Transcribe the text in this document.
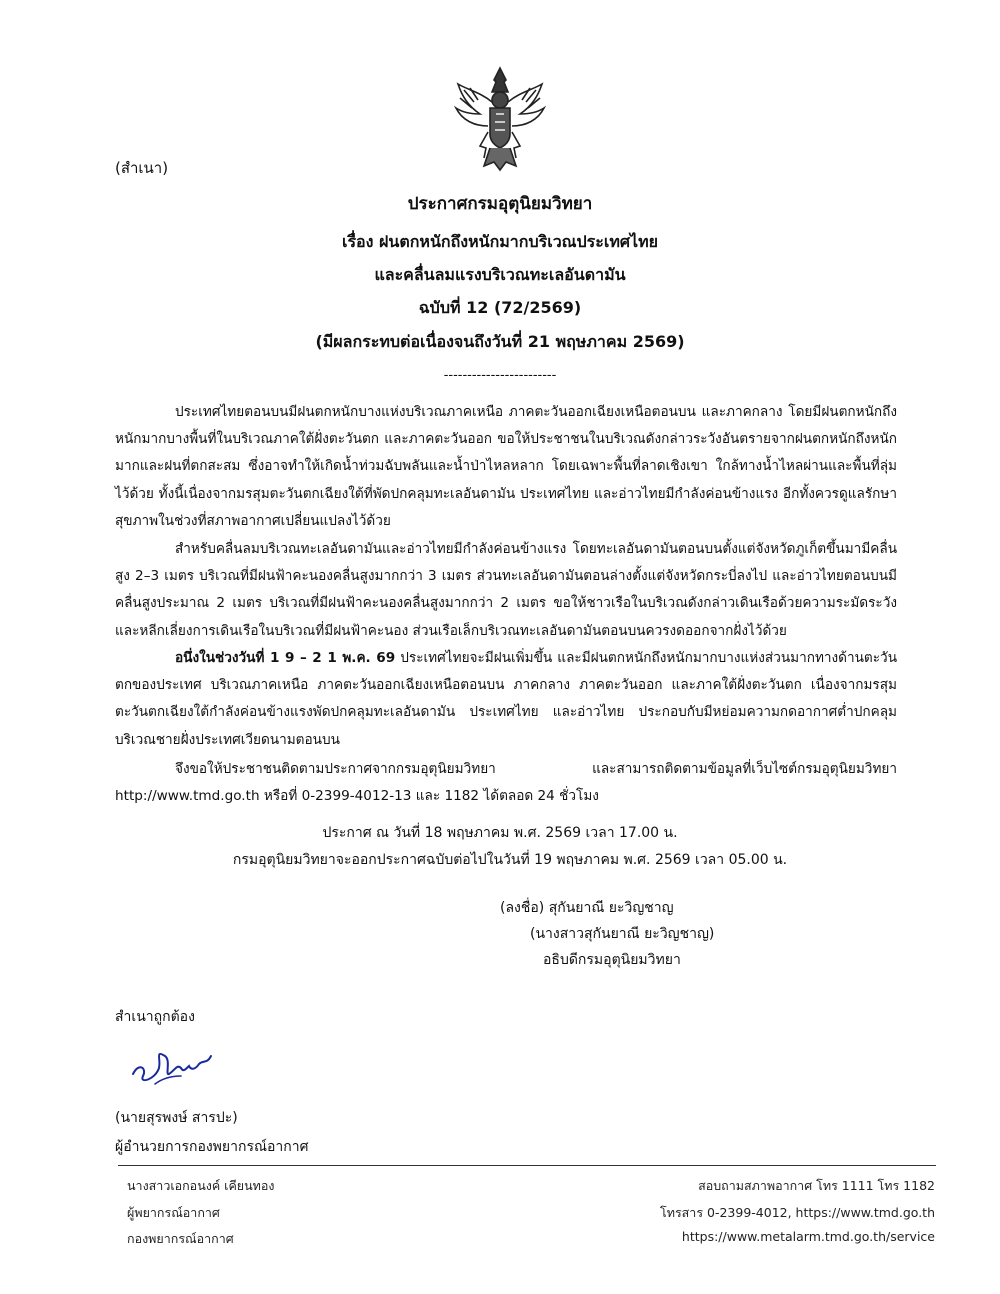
(สำเนา)
ประกาศกรมอุตุนิยมวิทยา
เรื่อง ฝนตกหนักถึงหนักมากบริเวณประเทศไทย
และคลื่นลมแรงบริเวณทะเลอันดามัน
ฉบับที่ 12 (72/2569)
(มีผลกระทบต่อเนื่องจนถึงวันที่ 21 พฤษภาคม 2569)
------------------------

ประเทศไทยตอนบนมีฝนตกหนักบางแห่งบริเวณภาคเหนือ ภาคตะวันออกเฉียงเหนือตอนบน และภาคกลาง โดยมีฝนตกหนักถึงหนักมากบางพื้นที่ในบริเวณภาคใต้ฝั่งตะวันตก และภาคตะวันออก ขอให้ประชาชนในบริเวณดังกล่าวระวังอันตรายจากฝนตกหนักถึงหนักมากและฝนที่ตกสะสม ซึ่งอาจทำให้เกิดน้ำท่วมฉับพลันและน้ำป่าไหลหลาก โดยเฉพาะพื้นที่ลาดเชิงเขา ใกล้ทางน้ำไหลผ่านและพื้นที่ลุ่มไว้ด้วย ทั้งนี้เนื่องจากมรสุมตะวันตกเฉียงใต้ที่พัดปกคลุมทะเลอันดามัน ประเทศไทย และอ่าวไทยมีกำลังค่อนข้างแรง อีกทั้งควรดูแลรักษาสุขภาพในช่วงที่สภาพอากาศเปลี่ยนแปลงไว้ด้วย

สำหรับคลื่นลมบริเวณทะเลอันดามันและอ่าวไทยมีกำลังค่อนข้างแรง โดยทะเลอันดามันตอนบนตั้งแต่จังหวัดภูเก็ตขึ้นมามีคลื่นสูง 2–3 เมตร บริเวณที่มีฝนฟ้าคะนองคลื่นสูงมากกว่า 3 เมตร ส่วนทะเลอันดามันตอนล่างตั้งแต่จังหวัดกระบี่ลงไป และอ่าวไทยตอนบนมีคลื่นสูงประมาณ 2 เมตร บริเวณที่มีฝนฟ้าคะนองคลื่นสูงมากกว่า 2 เมตร ขอให้ชาวเรือในบริเวณดังกล่าวเดินเรือด้วยความระมัดระวังและหลีกเลี่ยงการเดินเรือในบริเวณที่มีฝนฟ้าคะนอง ส่วนเรือเล็กบริเวณทะเลอันดามันตอนบนควรงดออกจากฝั่งไว้ด้วย

อนึ่งในช่วงวันที่ 1 9 – 2 1 พ.ค. 69 ประเทศไทยจะมีฝนเพิ่มขึ้น และมีฝนตกหนักถึงหนักมากบางแห่งส่วนมากทางด้านตะวันตกของประเทศ บริเวณภาคเหนือ ภาคตะวันออกเฉียงเหนือตอนบน ภาคกลาง ภาคตะวันออก และภาคใต้ฝั่งตะวันตก เนื่องจากมรสุมตะวันตกเฉียงใต้กำลังค่อนข้างแรงพัดปกคลุมทะเลอันดามัน ประเทศไทย และอ่าวไทย ประกอบกับมีหย่อมความกดอากาศต่ำปกคลุมบริเวณชายฝั่งประเทศเวียดนามตอนบน

จึงขอให้ประชาชนติดตามประกาศจากกรมอุตุนิยมวิทยา และสามารถติดตามข้อมูลที่เว็บไซต์กรมอุตุนิยมวิทยา http://www.tmd.go.th หรือที่ 0-2399-4012-13 และ 1182 ได้ตลอด 24 ชั่วโมง

ประกาศ ณ วันที่ 18 พฤษภาคม พ.ศ. 2569 เวลา 17.00 น.
กรมอุตุนิยมวิทยาจะออกประกาศฉบับต่อไปในวันที่ 19 พฤษภาคม พ.ศ. 2569 เวลา 05.00 น.
(ลงชื่อ) สุกันยาณี ยะวิญชาญ
(นางสาวสุกันยาณี ยะวิญชาญ)
อธิบดีกรมอุตุนิยมวิทยา
สำเนาถูกต้อง
(นายสุรพงษ์ สารปะ)
ผู้อำนวยการกองพยากรณ์อากาศ
นางสาวเอกอนงค์ เคียนทอง
ผู้พยากรณ์อากาศ
กองพยากรณ์อากาศ
สอบถามสภาพอากาศ โทร 1111 โทร 1182
โทรสาร 0-2399-4012, https://www.tmd.go.th
https://www.metalarm.tmd.go.th/service
